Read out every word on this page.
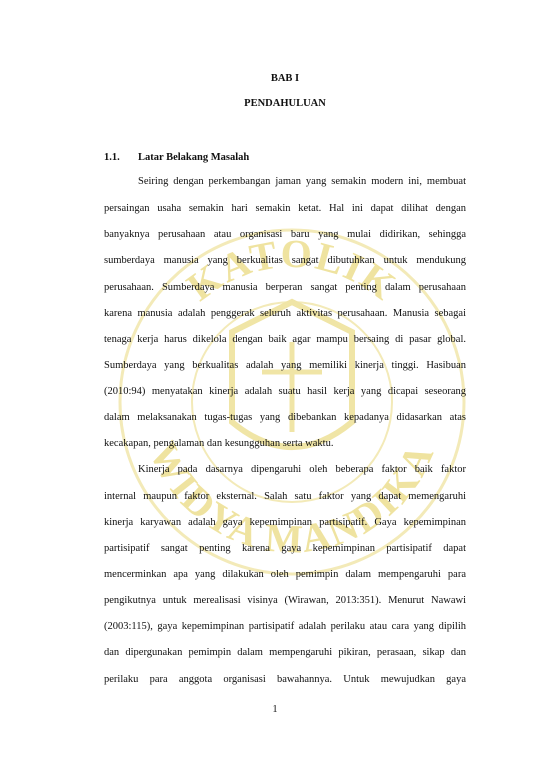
KATOLIK
WIDYA MANDIKA
BAB I
PENDAHULUAN
1.1. Latar Belakang Masalah
Seiring dengan perkembangan jaman yang semakin modern ini, membuat
persaingan usaha semakin hari semakin ketat. Hal ini dapat dilihat dengan
banyaknya perusahaan atau organisasi baru yang mulai didirikan, sehingga
sumberdaya manusia yang berkualitas sangat dibutuhkan untuk mendukung
perusahaan. Sumberdaya manusia berperan sangat penting dalam perusahaan
karena manusia adalah penggerak seluruh aktivitas perusahaan. Manusia sebagai
tenaga kerja harus dikelola dengan baik agar mampu bersaing di pasar global.
Sumberdaya yang berkualitas adalah yang memiliki kinerja tinggi. Hasibuan
(2010:94) menyatakan kinerja adalah suatu hasil kerja yang dicapai seseorang
dalam melaksanakan tugas-tugas yang dibebankan kepadanya didasarkan atas
kecakapan, pengalaman dan kesungguhan serta waktu.
Kinerja pada dasarnya dipengaruhi oleh beberapa faktor baik faktor
internal maupun faktor eksternal. Salah satu faktor yang dapat memengaruhi
kinerja karyawan adalah gaya kepemimpinan partisipatif. Gaya kepemimpinan
partisipatif sangat penting karena gaya kepemimpinan partisipatif dapat
mencerminkan apa yang dilakukan oleh pemimpin dalam mempengaruhi para
pengikutnya untuk merealisasi visinya (Wirawan, 2013:351). Menurut Nawawi
(2003:115), gaya kepemimpinan partisipatif adalah perilaku atau cara yang dipilih
dan dipergunakan pemimpin dalam mempengaruhi pikiran, perasaan, sikap dan
perilaku para anggota organisasi bawahannya. Untuk mewujudkan gaya
1
